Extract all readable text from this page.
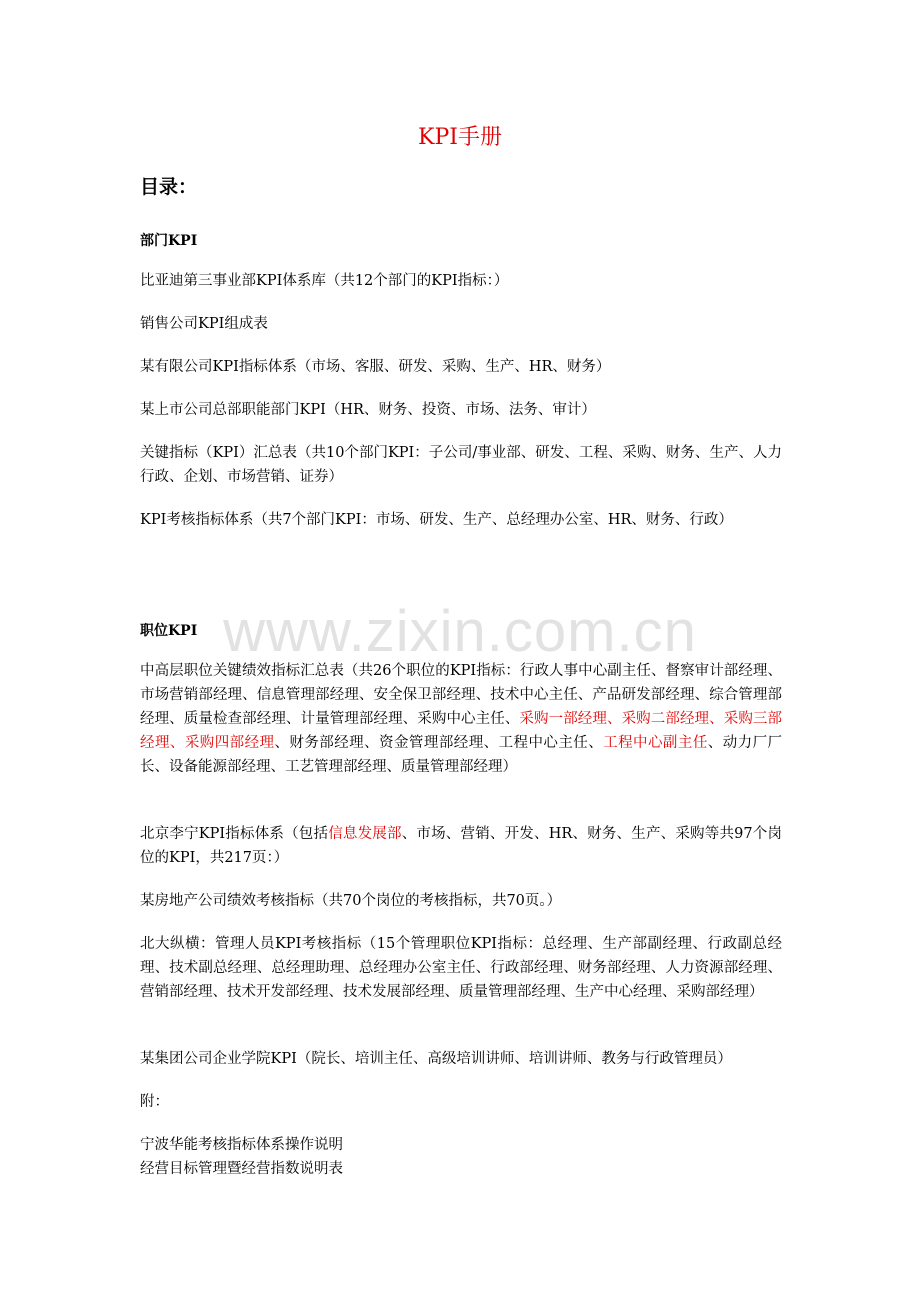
www.zixin.com.cn
KPI手册
目录：
部门KPI
比亚迪第三事业部KPI体系库（共12个部门的KPI指标：）
销售公司KPI组成表
某有限公司KPI指标体系（市场、客服、研发、采购、生产、HR、财务）
某上市公司总部职能部门KPI（HR、财务、投资、市场、法务、审计）
关键指标（KPI）汇总表（共10个部门KPI：子公司/事业部、研发、工程、采购、财务、生产、人力行政、企划、市场营销、证券）
KPI考核指标体系（共7个部门KPI：市场、研发、生产、总经理办公室、HR、财务、行政）
职位KPI
中高层职位关键绩效指标汇总表（共26个职位的KPI指标：行政人事中心副主任、督察审计部经理、市场营销部经理、信息管理部经理、安全保卫部经理、技术中心主任、产品研发部经理、综合管理部经理、质量检查部经理、计量管理部经理、采购中心主任、采购一部经理、采购二部经理、采购三部经理、采购四部经理、财务部经理、资金管理部经理、工程中心主任、工程中心副主任、动力厂厂长、设备能源部经理、工艺管理部经理、质量管理部经理）
北京李宁KPI指标体系（包括信息发展部、市场、营销、开发、HR、财务、生产、采购等共97个岗位的KPI，共217页：）
某房地产公司绩效考核指标（共70个岗位的考核指标，共70页。）
北大纵横：管理人员KPI考核指标（15个管理职位KPI指标：总经理、生产部副经理、行政副总经理、技术副总经理、总经理助理、总经理办公室主任、行政部经理、财务部经理、人力资源部经理、营销部经理、技术开发部经理、技术发展部经理、质量管理部经理、生产中心经理、采购部经理）
某集团公司企业学院KPI（院长、培训主任、高级培训讲师、培训讲师、教务与行政管理员）
附：
宁波华能考核指标体系操作说明
经营目标管理暨经营指数说明表
